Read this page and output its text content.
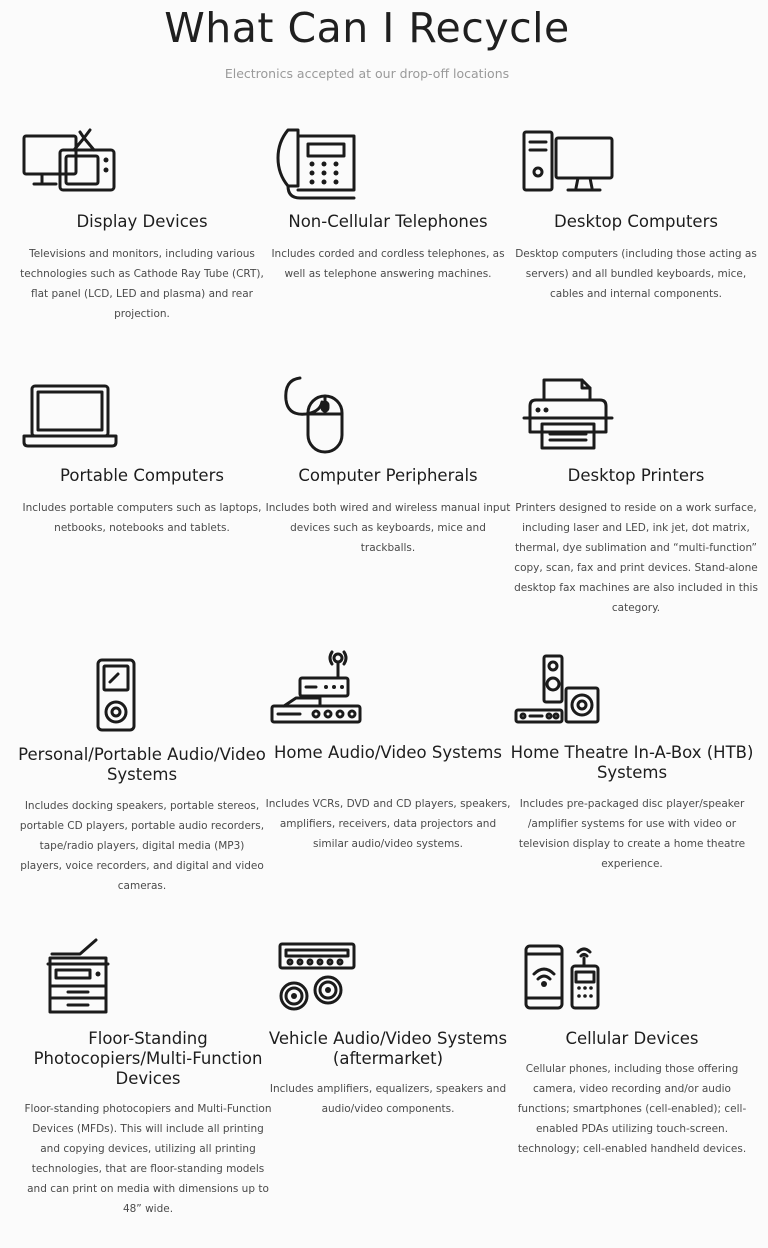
What Can I Recycle

Electronics accepted at our drop-off locations

Display Devices

Televisions and monitors, including various technologies such as Cathode Ray Tube (CRT), flat panel (LCD, LED and plasma) and rear projection.

Non-Cellular Telephones

Includes corded and cordless telephones, as well as telephone answering machines.

Desktop Computers

Desktop computers (including those acting as servers) and all bundled keyboards, mice, cables and internal components.

Portable Computers

Includes portable computers such as laptops, netbooks, notebooks and tablets.

Computer Peripherals

Includes both wired and wireless manual input devices such as keyboards, mice and trackballs.

Desktop Printers

Printers designed to reside on a work surface, including laser and LED, ink jet, dot matrix, thermal, dye sublimation and “multi-function” copy, scan, fax and print devices. Stand-alone desktop fax machines are also included in this category.

Personal/Portable Audio/Video Systems

Includes docking speakers, portable stereos, portable CD players, portable audio recorders, tape/radio players, digital media (MP3) players, voice recorders, and digital and video cameras.

Home Audio/Video Systems

Includes VCRs, DVD and CD players, speakers, amplifiers, receivers, data projectors and similar audio/video systems.

Home Theatre In-A-Box (HTB) Systems

Includes pre-packaged disc player/speaker /amplifier systems for use with video or television display to create a home theatre experience.

Floor-Standing Photocopiers/Multi-Function Devices

Floor-standing photocopiers and Multi-Function Devices (MFDs). This will include all printing and copying devices, utilizing all printing technologies, that are floor-standing models and can print on media with dimensions up to 48” wide.

Vehicle Audio/Video Systems (aftermarket)

Includes amplifiers, equalizers, speakers and audio/video components.

Cellular Devices

Cellular phones, including those offering camera, video recording and/or audio functions; smartphones (cell-enabled); cell-enabled PDAs utilizing touch-screen. technology; cell-enabled handheld devices.
